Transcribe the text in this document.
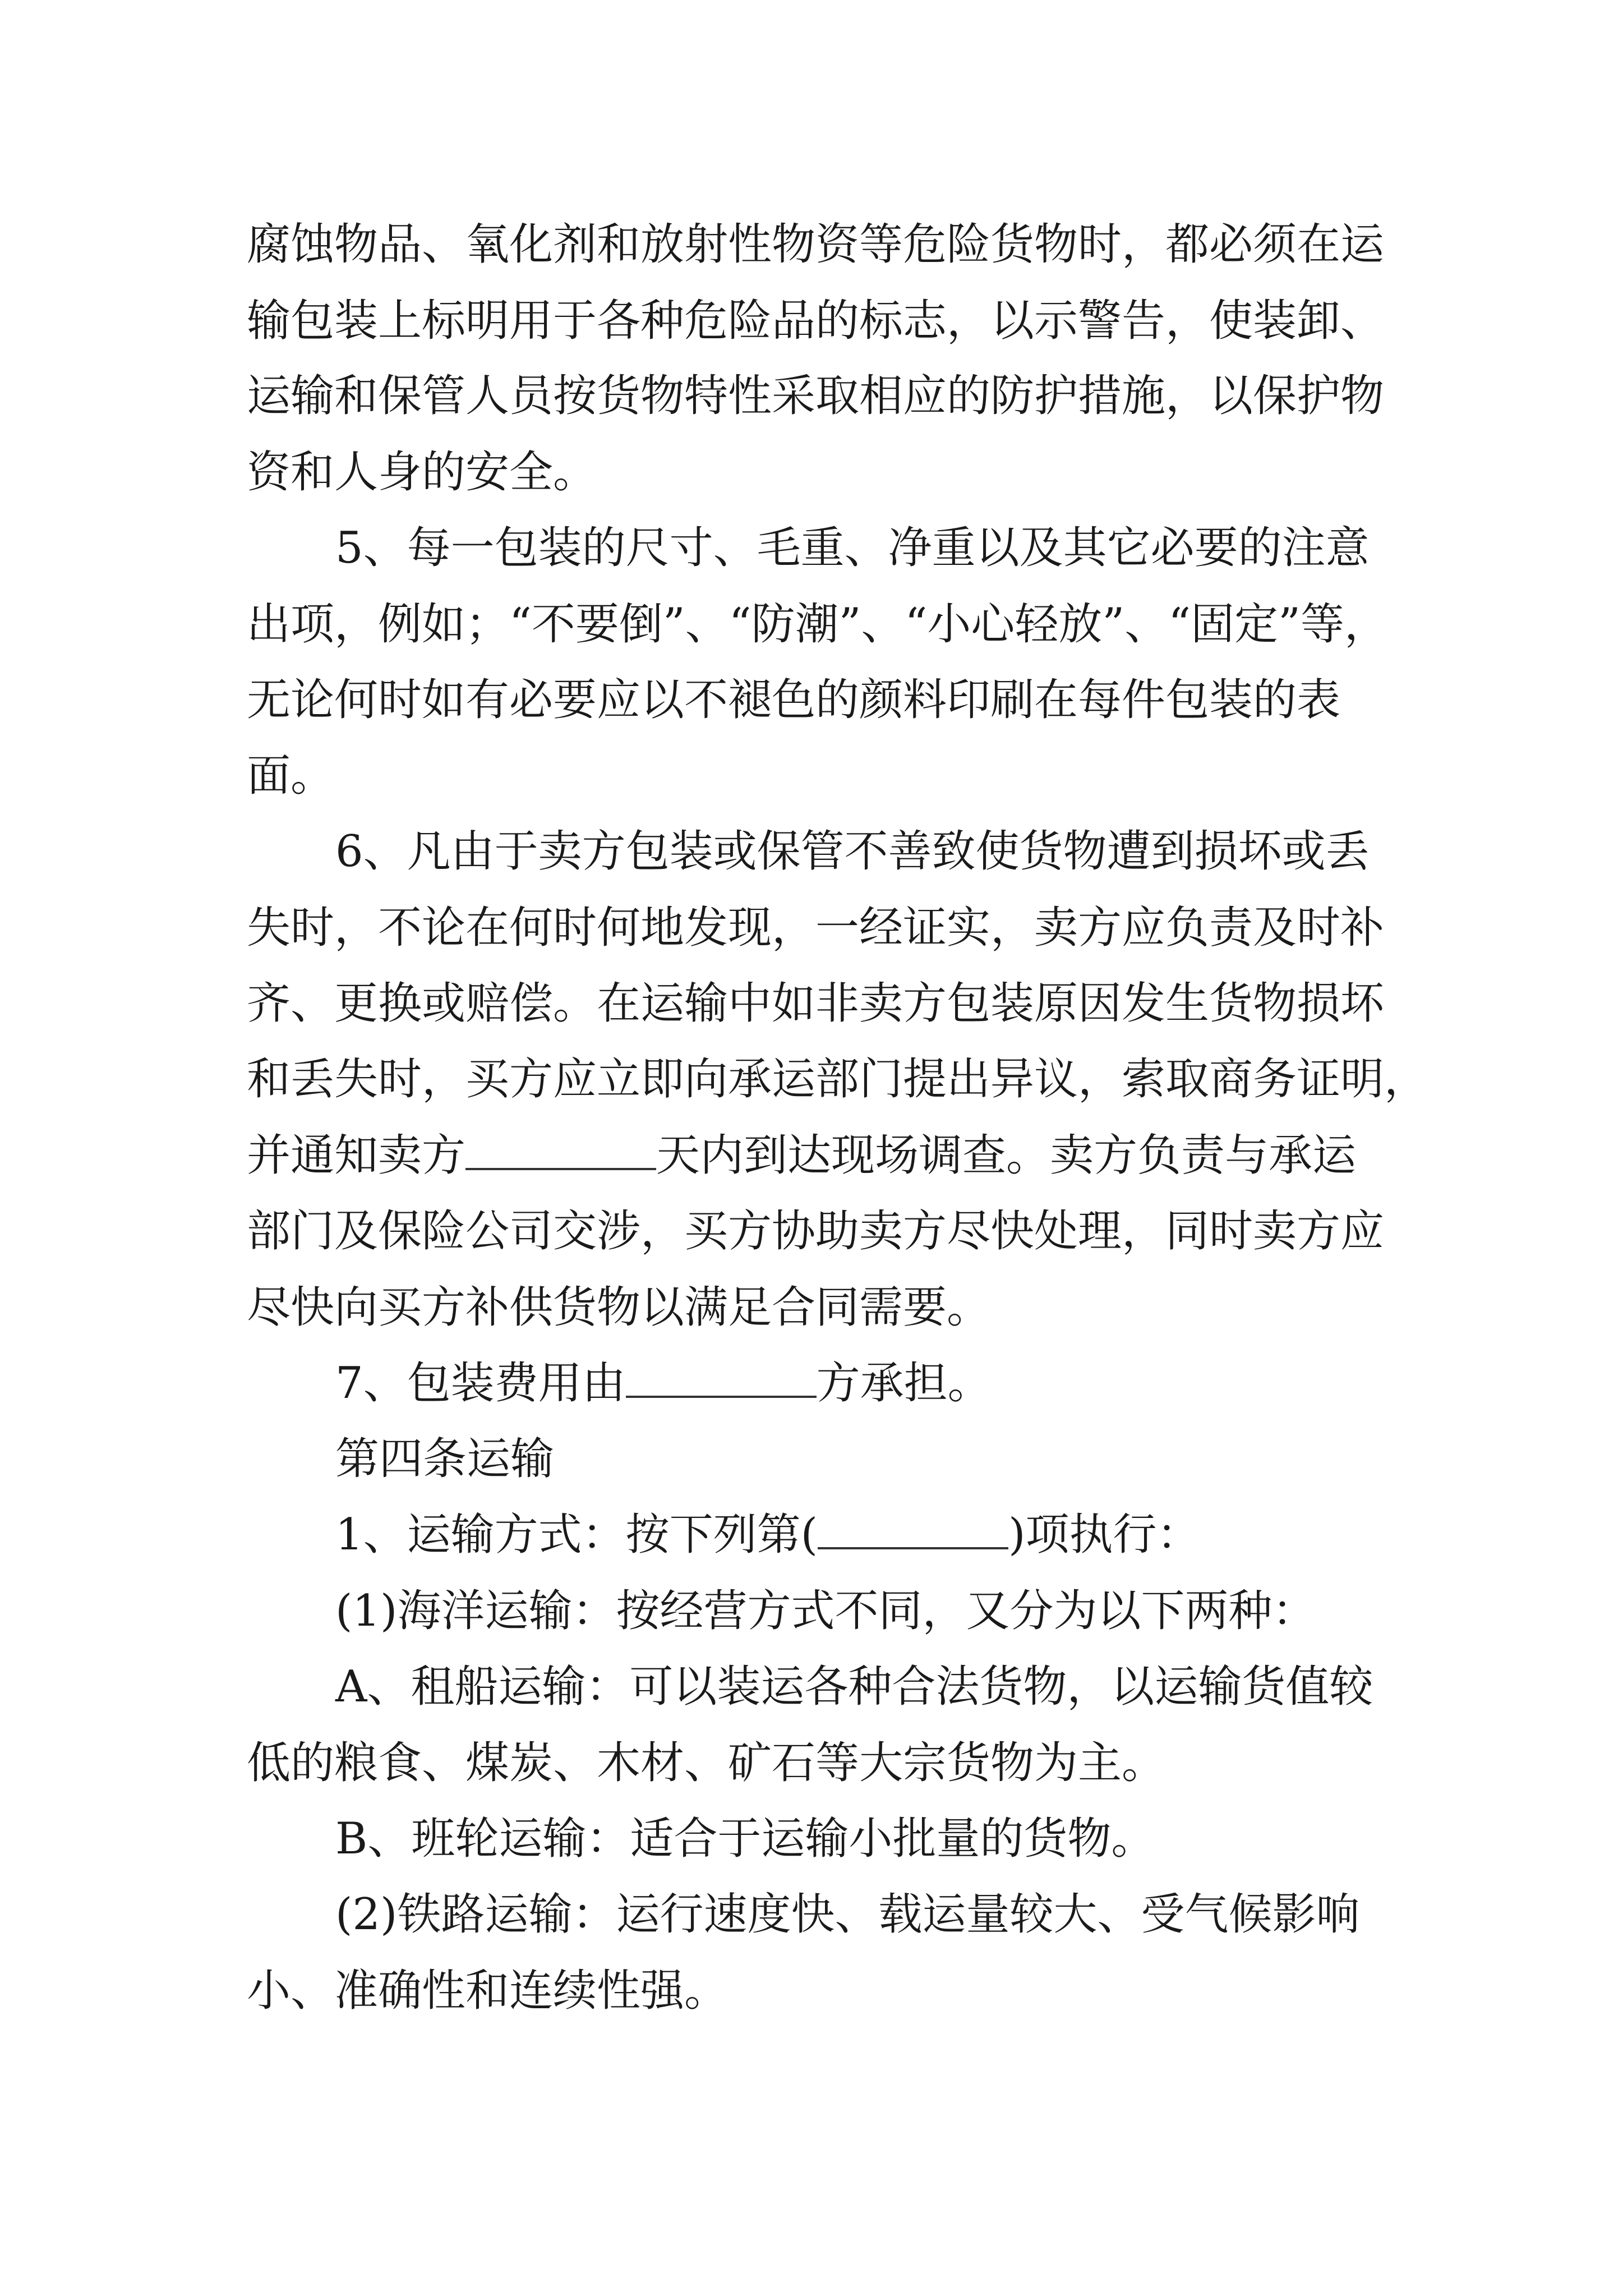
腐蚀物品、氧化剂和放射性物资等危险货物时，都必须在运

输包装上标明用于各种危险品的标志，以示警告，使装卸、

运输和保管人员按货物特性采取相应的防护措施，以保护物

资和人身的安全。

5、每一包装的尺寸、毛重、净重以及其它必要的注意

出项，例如；“不要倒”、“防潮”、“小心轻放”、“固定”等，

无论何时如有必要应以不褪色的颜料印刷在每件包装的表

面。

6、凡由于卖方包装或保管不善致使货物遭到损坏或丢

失时，不论在何时何地发现，一经证实，卖方应负责及时补

齐、更换或赔偿。在运输中如非卖方包装原因发生货物损坏

和丢失时，买方应立即向承运部门提出异议，索取商务证明，

并通知卖方	天内到达现场调查。卖方负责与承运

部门及保险公司交涉，买方协助卖方尽快处理，同时卖方应

尽快向买方补供货物以满足合同需要。

7、包装费用由	方承担。

第四条运输

1、运输方式：按下列第(	)项执行：

(1)海洋运输：按经营方式不同，又分为以下两种：

A、租船运输：可以装运各种合法货物，以运输货值较

低的粮食、煤炭、木材、矿石等大宗货物为主。

B、班轮运输：适合于运输小批量的货物。

(2)铁路运输：运行速度快、载运量较大、受气候影响

小、准确性和连续性强。
